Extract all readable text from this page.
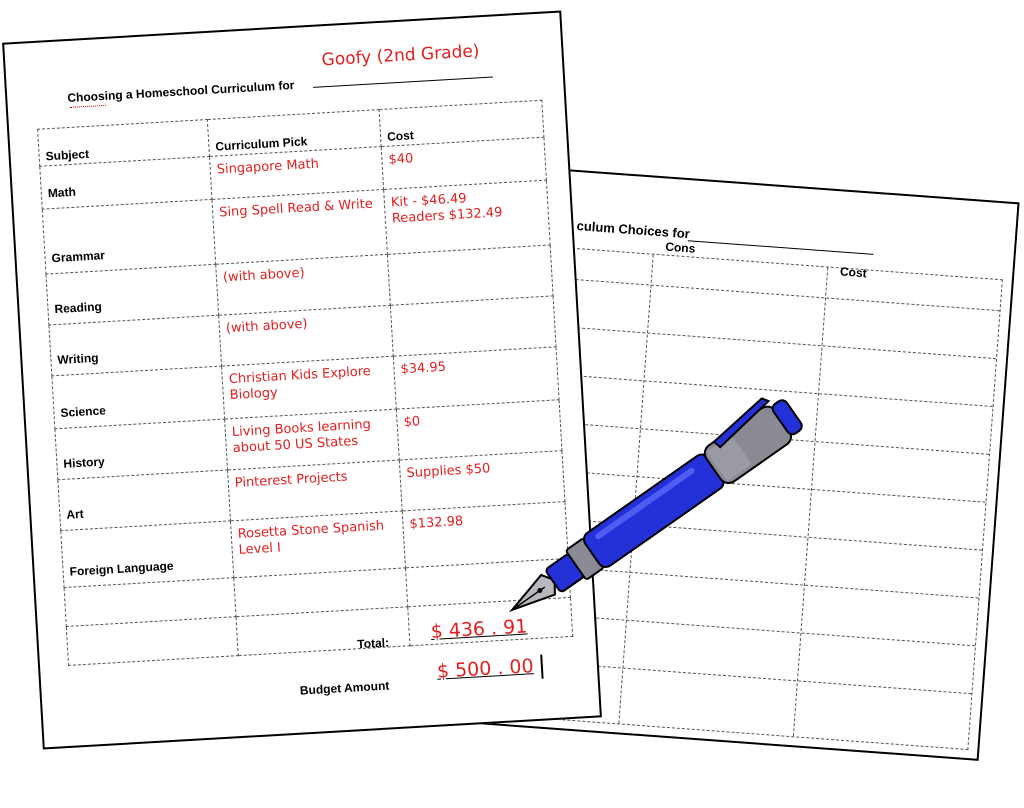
culum Choices for
Cons
Cost
Choosing a Homeschool Curriculum for
Goofy (2nd Grade)
Subject	Curriculum Pick	Cost
Math	Singapore Math	$40
Grammar	Sing Spell Read & Write	Kit - $46.49
Readers $132.49
Reading	(with above)	
Writing	(with above)	
Science	Christian Kids Explore Biology	$34.95
History	Living Books learning about 50 US States	$0
Art	Pinterest Projects	Supplies $50
Foreign Language	Rosetta Stone Spanish Level I	$132.98

Total:
$ 436 . 91
Budget Amount
$ 500 . 00
